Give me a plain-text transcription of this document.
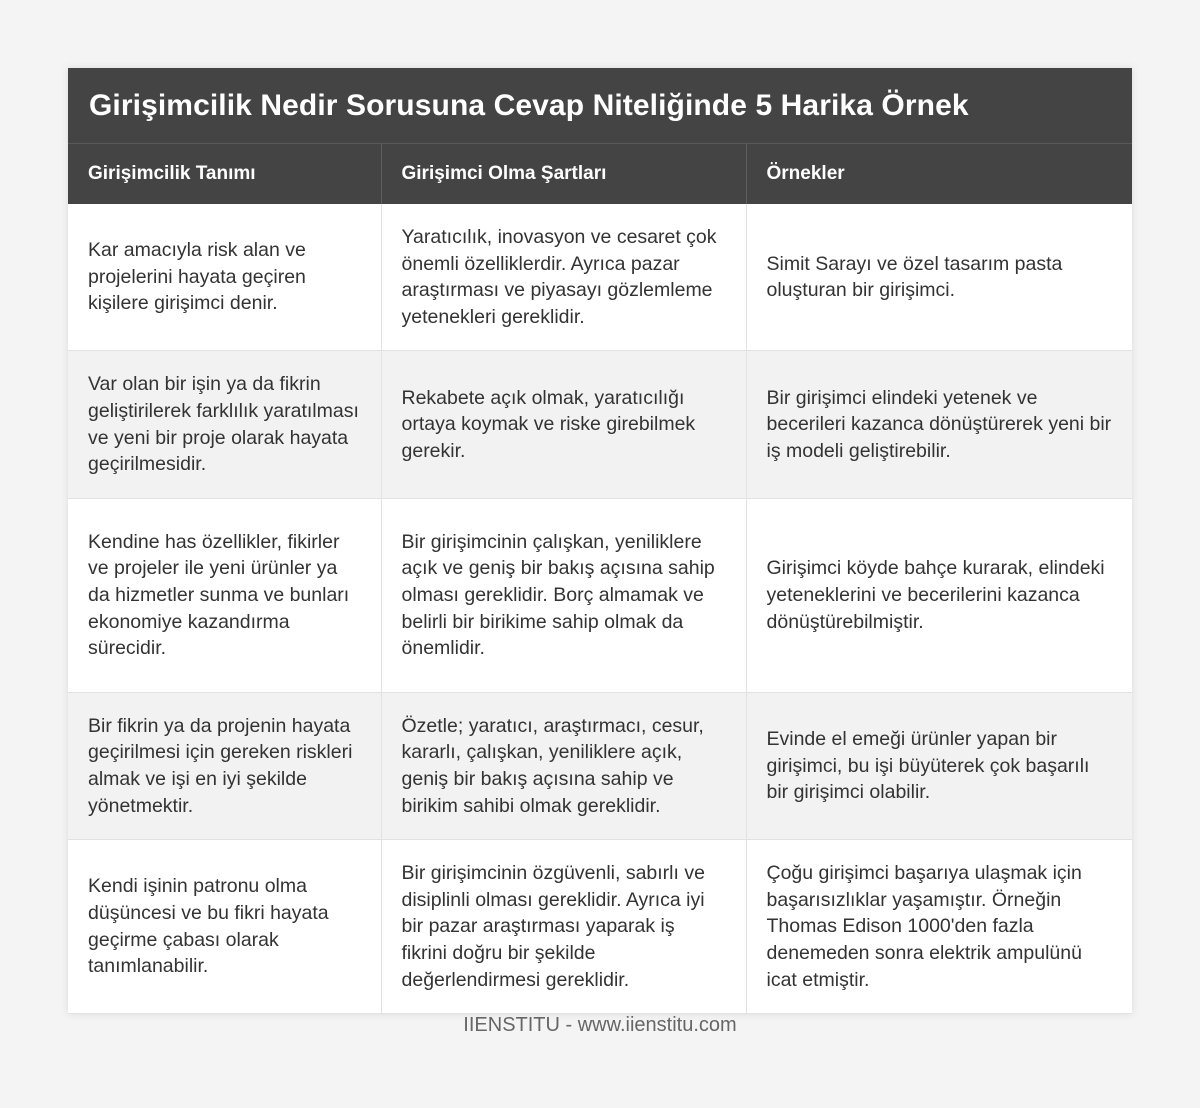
Girişimcilik Nedir Sorusuna Cevap Niteliğinde 5 Harika Örnek
Girişimcilik Tanımı	Girişimci Olma Şartları	Örnekler
Kar amacıyla risk alan ve projelerini hayata geçiren kişilere girişimci denir.	Yaratıcılık, inovasyon ve cesaret çok önemli özelliklerdir. Ayrıca pazar araştırması ve piyasayı gözlemleme yetenekleri gereklidir.	Simit Sarayı ve özel tasarım pasta oluşturan bir girişimci.
Var olan bir işin ya da fikrin geliştirilerek farklılık yaratılması ve yeni bir proje olarak hayata geçirilmesidir.	Rekabete açık olmak, yaratıcılığı ortaya koymak ve riske girebilmek gerekir.	Bir girişimci elindeki yetenek ve becerileri kazanca dönüştürerek yeni bir iş modeli geliştirebilir.
Kendine has özellikler, fikirler ve projeler ile yeni ürünler ya da hizmetler sunma ve bunları ekonomiye kazandırma sürecidir.	Bir girişimcinin çalışkan, yeniliklere açık ve geniş bir bakış açısına sahip olması gereklidir. Borç almamak ve belirli bir birikime sahip olmak da önemlidir.	Girişimci köyde bahçe kurarak, elindeki yeteneklerini ve becerilerini kazanca dönüştürebilmiştir.
Bir fikrin ya da projenin hayata geçirilmesi için gereken riskleri almak ve işi en iyi şekilde yönetmektir.	Özetle; yaratıcı, araştırmacı, cesur, kararlı, çalışkan, yeniliklere açık, geniş bir bakış açısına sahip ve birikim sahibi olmak gereklidir.	Evinde el emeği ürünler yapan bir girişimci, bu işi büyüterek çok başarılı bir girişimci olabilir.
Kendi işinin patronu olma düşüncesi ve bu fikri hayata geçirme çabası olarak tanımlanabilir.	Bir girişimcinin özgüvenli, sabırlı ve disiplinli olması gereklidir. Ayrıca iyi bir pazar araştırması yaparak iş fikrini doğru bir şekilde değerlendirmesi gereklidir.	Çoğu girişimci başarıya ulaşmak için başarısızlıklar yaşamıştır. Örneğin Thomas Edison 1000'den fazla denemeden sonra elektrik ampulünü icat etmiştir.
IIENSTITU - www.iienstitu.com
